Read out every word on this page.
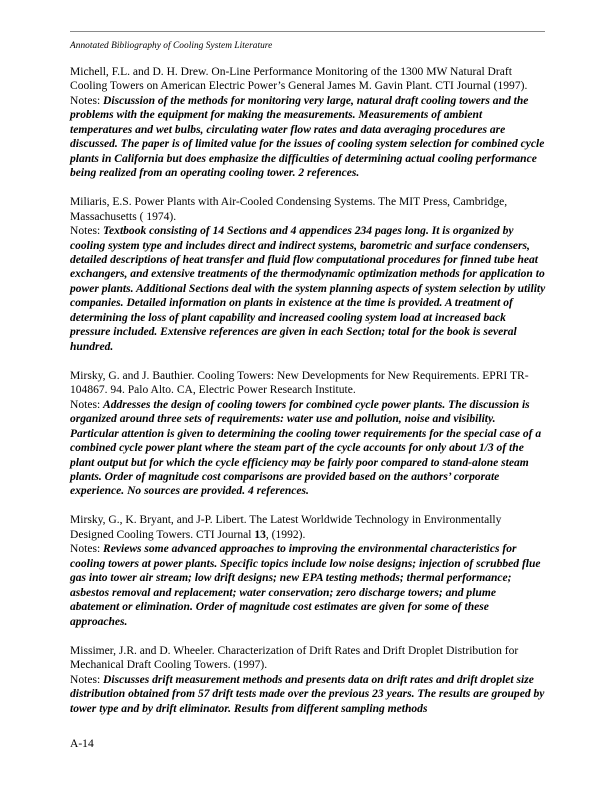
Annotated Bibliography of Cooling System Literature
Michell, F.L. and D. H. Drew. On-Line Performance Monitoring of the 1300 MW Natural Draft Cooling Towers on American Electric Power’s General James M. Gavin Plant. CTI Journal (1997).
Notes: Discussion of the methods for monitoring very large, natural draft cooling towers and the problems with the equipment for making the measurements. Measurements of ambient temperatures and wet bulbs, circulating water flow rates and data averaging procedures are discussed. The paper is of limited value for the issues of cooling system selection for combined cycle plants in California but does emphasize the difficulties of determining actual cooling performance being realized from an operating cooling tower. 2 references.
Miliaris, E.S. Power Plants with Air-Cooled Condensing Systems. The MIT Press, Cambridge, Massachusetts ( 1974).
Notes: Textbook consisting of 14 Sections and 4 appendices 234 pages long. It is organized by cooling system type and includes direct and indirect systems, barometric and surface condensers, detailed descriptions of heat transfer and fluid flow computational procedures for finned tube heat exchangers, and extensive treatments of the thermodynamic optimization methods for application to power plants. Additional Sections deal with the system planning aspects of system selection by utility companies. Detailed information on plants in existence at the time is provided. A treatment of determining the loss of plant capability and increased cooling system load at increased back pressure included. Extensive references are given in each Section; total for the book is several hundred.
Mirsky, G. and J. Bauthier. Cooling Towers: New Developments for New Requirements. EPRI TR-104867. 94. Palo Alto. CA, Electric Power Research Institute.
Notes: Addresses the design of cooling towers for combined cycle power plants. The discussion is organized around three sets of requirements: water use and pollution, noise and visibility. Particular attention is given to determining the cooling tower requirements for the special case of a combined cycle power plant where the steam part of the cycle accounts for only about 1/3 of the plant output but for which the cycle efficiency may be fairly poor compared to stand-alone steam plants. Order of magnitude cost comparisons are provided based on the authors’ corporate experience. No sources are provided. 4 references.
Mirsky, G., K. Bryant, and J-P. Libert. The Latest Worldwide Technology in Environmentally Designed Cooling Towers. CTI Journal 13, (1992).
Notes: Reviews some advanced approaches to improving the environmental characteristics for cooling towers at power plants. Specific topics include low noise designs; injection of scrubbed flue gas into tower air stream; low drift designs; new EPA testing methods; thermal performance; asbestos removal and replacement; water conservation; zero discharge towers; and plume abatement or elimination. Order of magnitude cost estimates are given for some of these approaches.
Missimer, J.R. and D. Wheeler. Characterization of Drift Rates and Drift Droplet Distribution for Mechanical Draft Cooling Towers. (1997).
Notes: Discusses drift measurement methods and presents data on drift rates and drift droplet size distribution obtained from 57 drift tests made over the previous 23 years. The results are grouped by tower type and by drift eliminator. Results from different sampling methods
A-14
